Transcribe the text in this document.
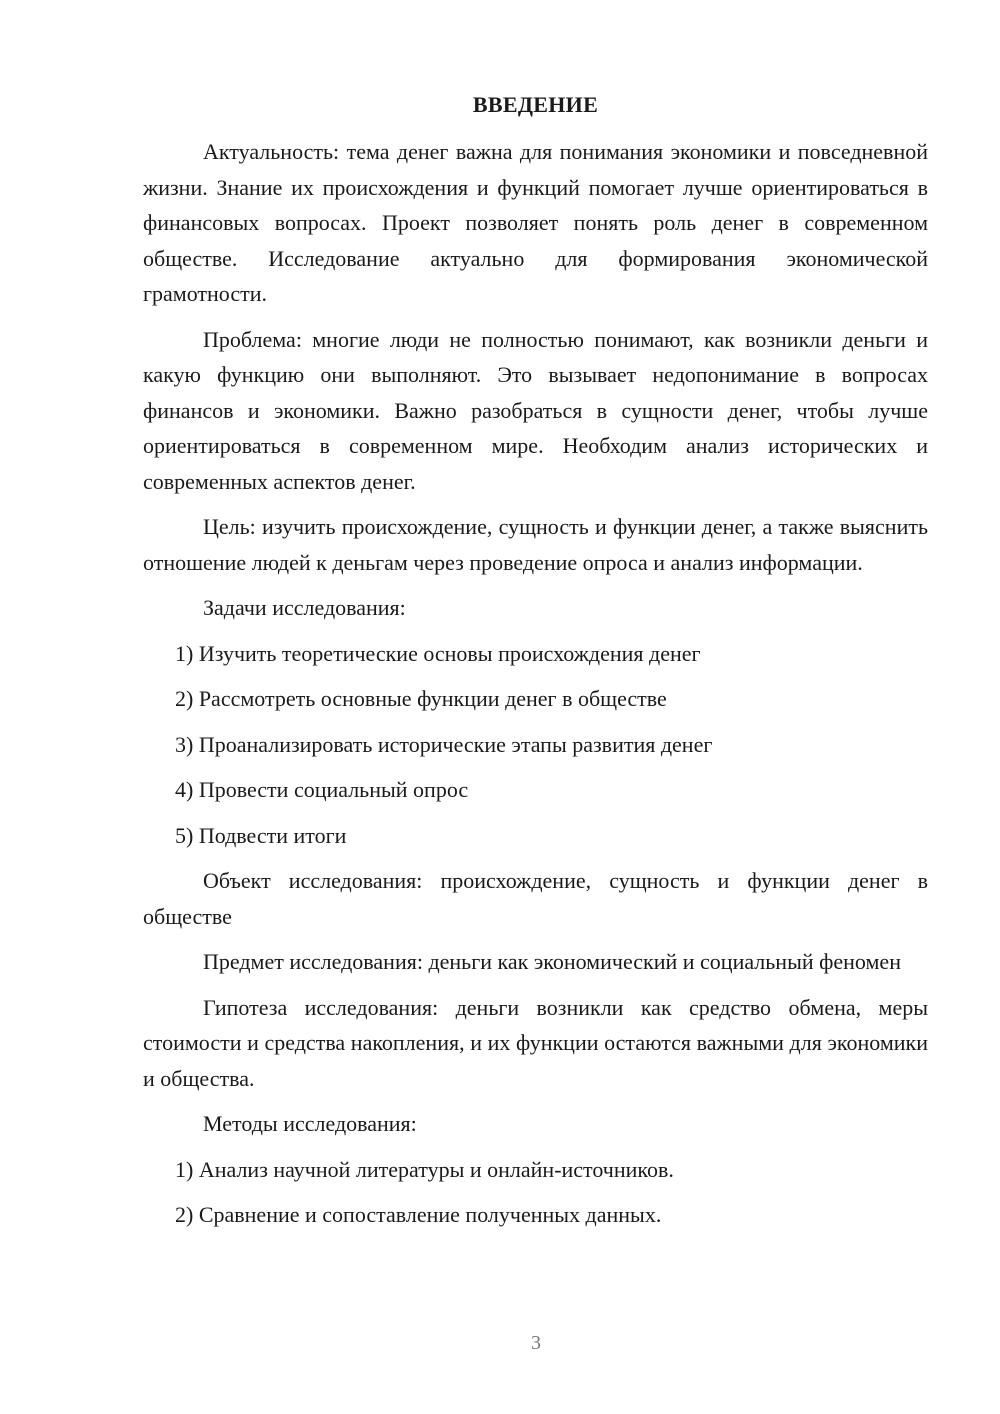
ВВЕДЕНИЕ

Актуальность: тема денег важна для понимания экономики и повседневной жизни. Знание их происхождения и функций помогает лучше ориентироваться в финансовых вопросах. Проект позволяет понять роль денег в современном обществе. Исследование актуально для формирования экономической грамотности.

Проблема: многие люди не полностью понимают, как возникли деньги и какую функцию они выполняют. Это вызывает недопонимание в вопросах финансов и экономики. Важно разобраться в сущности денег, чтобы лучше ориентироваться в современном мире. Необходим анализ исторических и современных аспектов денег.

Цель: изучить происхождение, сущность и функции денег, а также выяснить отношение людей к деньгам через проведение опроса и анализ информации.

Задачи исследования:
1) Изучить теоретические основы происхождения денег
2) Рассмотреть основные функции денег в обществе
3) Проанализировать исторические этапы развития денег
4) Провести социальный опрос
5) Подвести итоги

Объект исследования: происхождение, сущность и функции денег в обществе

Предмет исследования: деньги как экономический и социальный феномен

Гипотеза исследования: деньги возникли как средство обмена, меры стоимости и средства накопления, и их функции остаются важными для экономики и общества.

Методы исследования:
1) Анализ научной литературы и онлайн-источников.
2) Сравнение и сопоставление полученных данных.
3
